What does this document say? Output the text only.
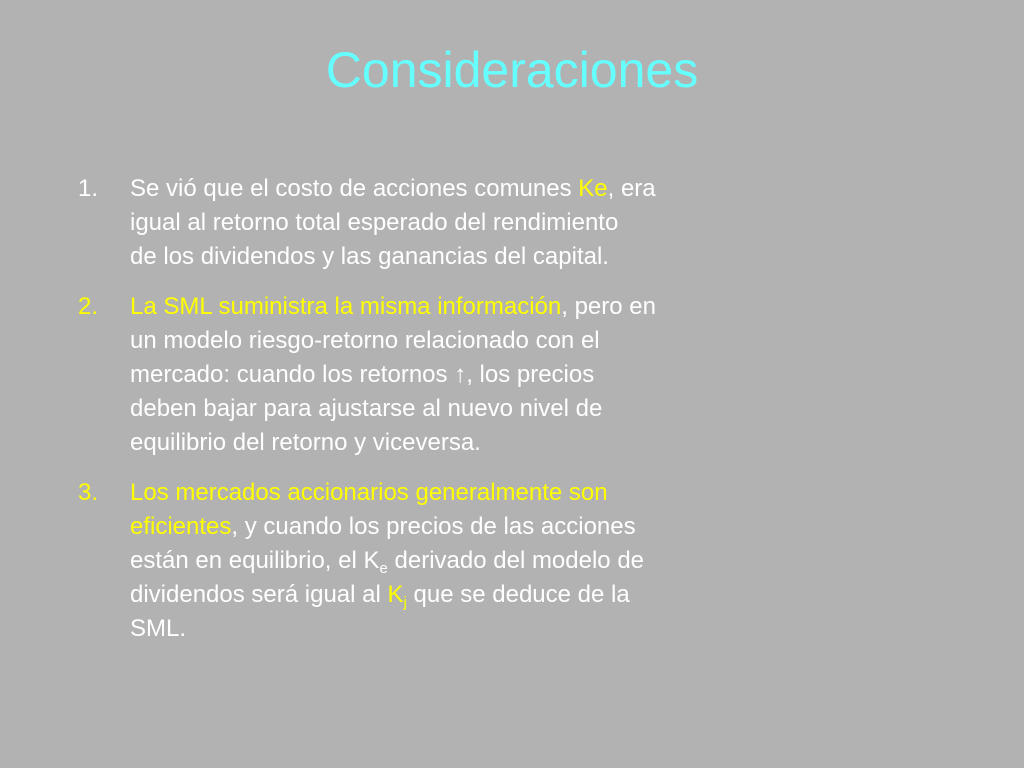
Consideraciones
1. Se vió que el costo de acciones comunes Ke, era
igual al retorno total esperado del rendimiento
de los dividendos y las ganancias del capital.
2. La SML suministra la misma información, pero en
un modelo riesgo-retorno relacionado con el
mercado: cuando los retornos ↑, los precios
deben bajar para ajustarse al nuevo nivel de
equilibrio del retorno y viceversa.
3. Los mercados accionarios generalmente son
eficientes, y cuando los precios de las acciones
están en equilibrio, el $K_e$ derivado del modelo de
dividendos será igual al $K_j$ que se deduce de la
SML.
